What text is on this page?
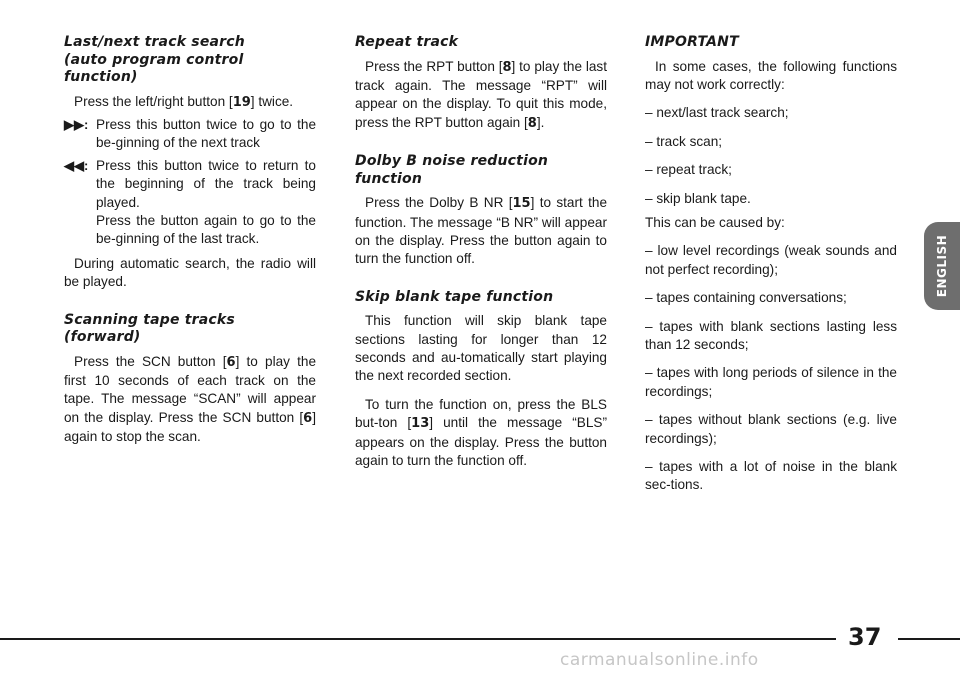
Last/next track search
(auto program control
function)

Press the left/right button [19] twice.

▶▶: Press this button twice to go to the be-ginning of the next track

◀◀: Press this button twice to return to the beginning of the track being played.

Press the button again to go to the be-ginning of the last track.

During automatic search, the radio will be played.

Scanning tape tracks
(forward)

Press the SCN button [6] to play the first 10 seconds of each track on the tape. The message “SCAN” will appear on the display. Press the SCN button [6] again to stop the scan.

Repeat track

Press the RPT button [8] to play the last track again. The message “RPT” will appear on the display. To quit this mode, press the RPT button again [8].

Dolby B noise reduction
function

Press the Dolby B NR [15] to start the function. The message “B NR” will appear on the display. Press the button again to turn the function off.

Skip blank tape function

This function will skip blank tape sections lasting for longer than 12 seconds and au-tomatically start playing the next recorded section.

To turn the function on, press the BLS but-ton [13] until the message “BLS” appears on the display. Press the button again to turn the function off.

IMPORTANT

In some cases, the following functions may not work correctly:

– next/last track search;

– track scan;

– repeat track;

– skip blank tape.

This can be caused by:

– low level recordings (weak sounds and not perfect recording);

– tapes containing conversations;

– tapes with blank sections lasting less than 12 seconds;

– tapes with long periods of silence in the recordings;

– tapes without blank sections (e.g. live recordings);

– tapes with a lot of noise in the blank sec-tions.

ENGLISH
37
carmanualsonline.info
